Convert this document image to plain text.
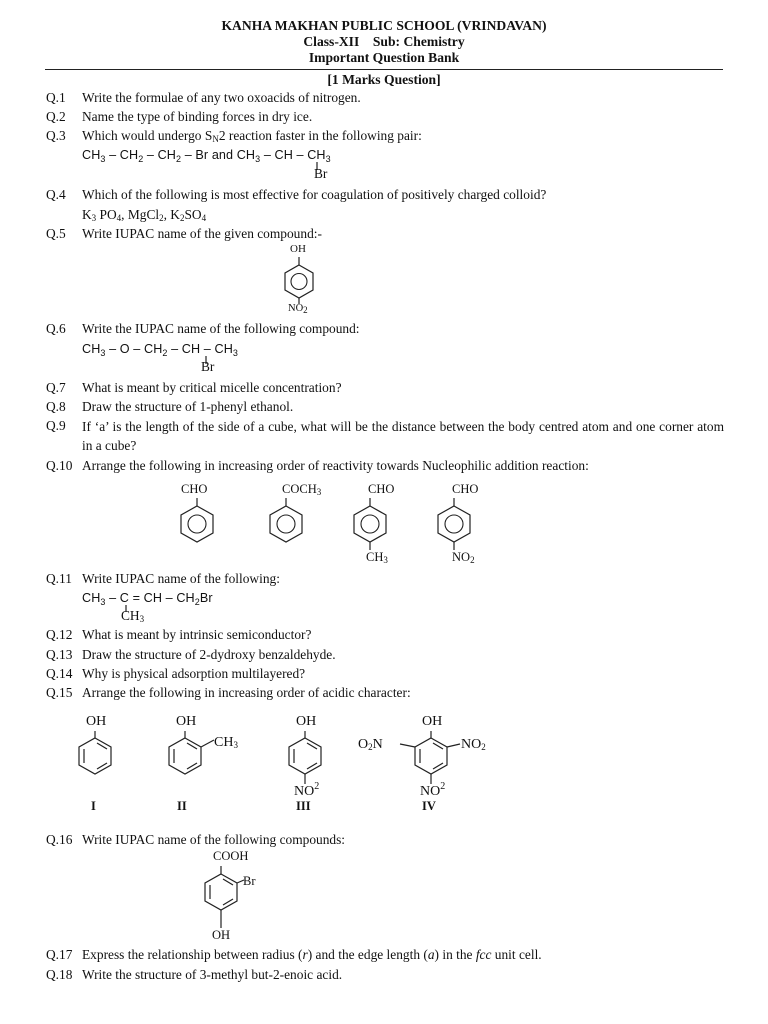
KANHA MAKHAN PUBLIC SCHOOL (VRINDAVAN)
Class-XII    Sub: Chemistry
Important Question Bank
[1 Marks Question]
Q.1 Write the formulae of any two oxoacids of nitrogen.
Q.2 Name the type of binding forces in dry ice.
Q.3 Which would undergo $S_N2$ reaction faster in the following pair:
$CH_3 - CH_2 - CH_2$ – Br and $CH_3$ – CH – $CH_3$
Br
Q.4 Which of the following is most effective for coagulation of positively charged colloid?
$K_3$ $PO_4$, MgCl$_2$, $K_2SO_4$
Q.5 Write IUPAC name of the given compound:-
OH
$NO_2$
Q.6 Write the IUPAC name of the following compound:
$CH_3$ – O – $CH_2$ – CH – $CH_3$
Br
Q.7 What is meant by critical micelle concentration?
Q.8 Draw the structure of 1-phenyl ethanol.
Q.9 If ‘a’ is the length of the side of a cube, what will be the distance between the body centred atom and one corner atom in a cube?
Q.10 Arrange the following in increasing order of reactivity towards Nucleophilic addition reaction:
CHO	$COCH_3$	CHO	CHO
$CH_3$	$NO_2$
Q.11 Write IUPAC name of the following:
$CH_3$ – C = CH – $CH_2Br$
$CH_3$
Q.12 What is meant by intrinsic semiconductor?
Q.13 Draw the structure of 2-dydroxy benzaldehyde.
Q.14 Why is physical adsorption multilayered?
Q.15 Arrange the following in increasing order of acidic character:
OH	OH
$CH_3$
OH	OH
$O_2N$	$NO_2$
$NO^2$	$NO^2$
I	II	III	IV
Q.16 Write IUPAC name of the following compounds:
COOH
Br
OH
Q.17 Express the relationship between radius (r) and the edge length (a) in the fcc unit cell.
Q.18 Write the structure of 3-methyl but-2-enoic acid.
